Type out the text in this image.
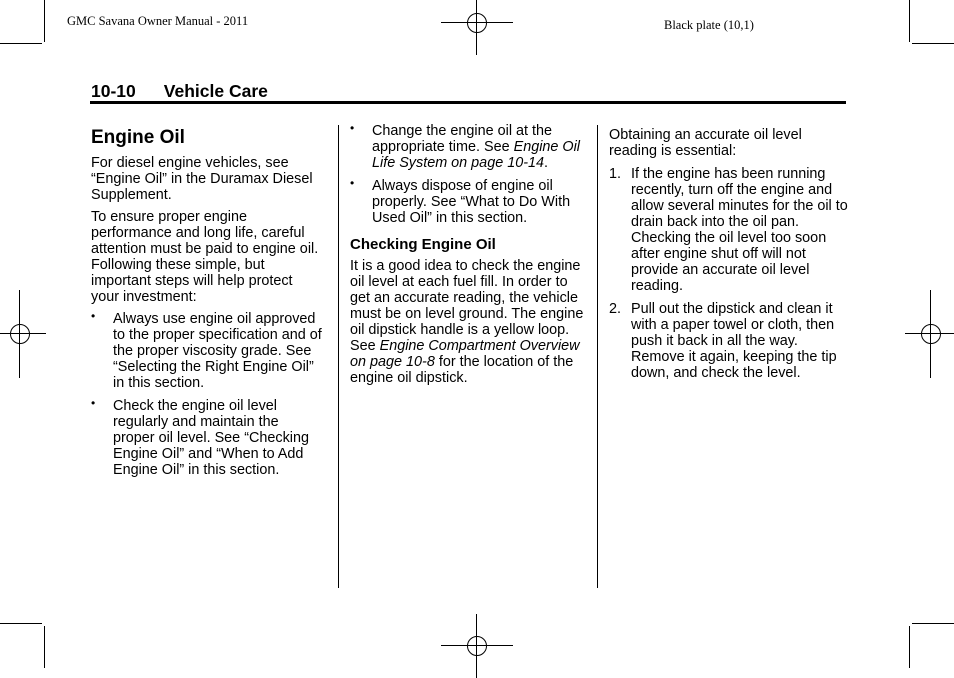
GMC Savana Owner Manual - 2011	Black plate (10,1)
10-10 Vehicle Care
Engine Oil

For diesel engine vehicles, see “Engine Oil” in the Duramax Diesel Supplement.

To ensure proper engine performance and long life, careful attention must be paid to engine oil. Following these simple, but important steps will help protect your investment:

• Always use engine oil approved to the proper specification and of the proper viscosity grade. See “Selecting the Right Engine Oil” in this section.
• Check the engine oil level regularly and maintain the proper oil level. See “Checking Engine Oil” and “When to Add Engine Oil” in this section.
• Change the engine oil at the appropriate time. See Engine Oil Life System on page 10-14.
• Always dispose of engine oil properly. See “What to Do With Used Oil” in this section.
Checking Engine Oil

It is a good idea to check the engine oil level at each fuel fill. In order to get an accurate reading, the vehicle must be on level ground. The engine oil dipstick handle is a yellow loop. See Engine Compartment Overview on page 10-8 for the location of the engine oil dipstick.

Obtaining an accurate oil level reading is essential:

1. If the engine has been running recently, turn off the engine and allow several minutes for the oil to drain back into the oil pan. Checking the oil level too soon after engine shut off will not provide an accurate oil level reading.
2. Pull out the dipstick and clean it with a paper towel or cloth, then push it back in all the way. Remove it again, keeping the tip down, and check the level.
